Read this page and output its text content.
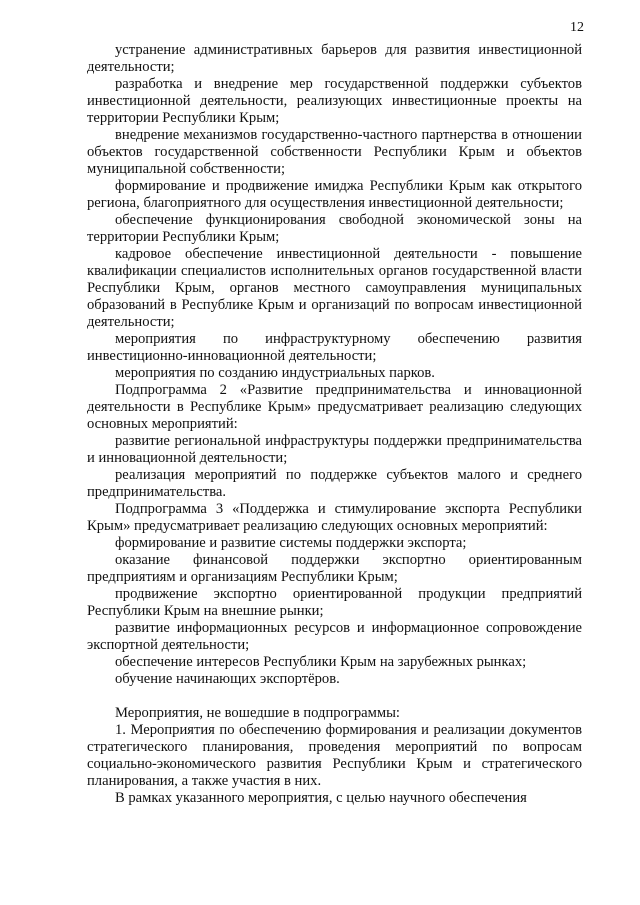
12

устранение административных барьеров для развития инвестиционной деятельности;

разработка и внедрение мер государственной поддержки субъектов инвестиционной деятельности, реализующих инвестиционные проекты на территории Республики Крым;

внедрение механизмов государственно-частного партнерства в отношении объектов государственной собственности Республики Крым и объектов муниципальной собственности;

формирование и продвижение имиджа Республики Крым как открытого региона, благоприятного для осуществления инвестиционной деятельности;

обеспечение функционирования свободной экономической зоны на территории Республики Крым;

кадровое обеспечение инвестиционной деятельности - повышение квалификации специалистов исполнительных органов государственной власти Республики Крым, органов местного самоуправления муниципальных образований в Республике Крым и организаций по вопросам инвестиционной деятельности;

мероприятия по инфраструктурному обеспечению развития инвестиционно-инновационной деятельности;

мероприятия по созданию индустриальных парков.

Подпрограмма 2 «Развитие предпринимательства и инновационной деятельности в Республике Крым» предусматривает реализацию следующих основных мероприятий:

развитие региональной инфраструктуры поддержки предпринимательства и инновационной деятельности;

реализация мероприятий по поддержке субъектов малого и среднего предпринимательства.

Подпрограмма 3 «Поддержка и стимулирование экспорта Республики Крым» предусматривает реализацию следующих основных мероприятий:

формирование и развитие системы поддержки экспорта;

оказание финансовой поддержки экспортно ориентированным предприятиям и организациям Республики Крым;

продвижение экспортно ориентированной продукции предприятий Республики Крым на внешние рынки;

развитие информационных ресурсов и информационное сопровождение экспортной деятельности;

обеспечение интересов Республики Крым на зарубежных рынках;

обучение начинающих экспортёров.

Мероприятия, не вошедшие в подпрограммы:

1. Мероприятия по обеспечению формирования и реализации документов стратегического планирования, проведения мероприятий по вопросам социально-экономического развития Республики Крым и стратегического планирования, а также участия в них.

В рамках указанного мероприятия, с целью научного обеспечения
